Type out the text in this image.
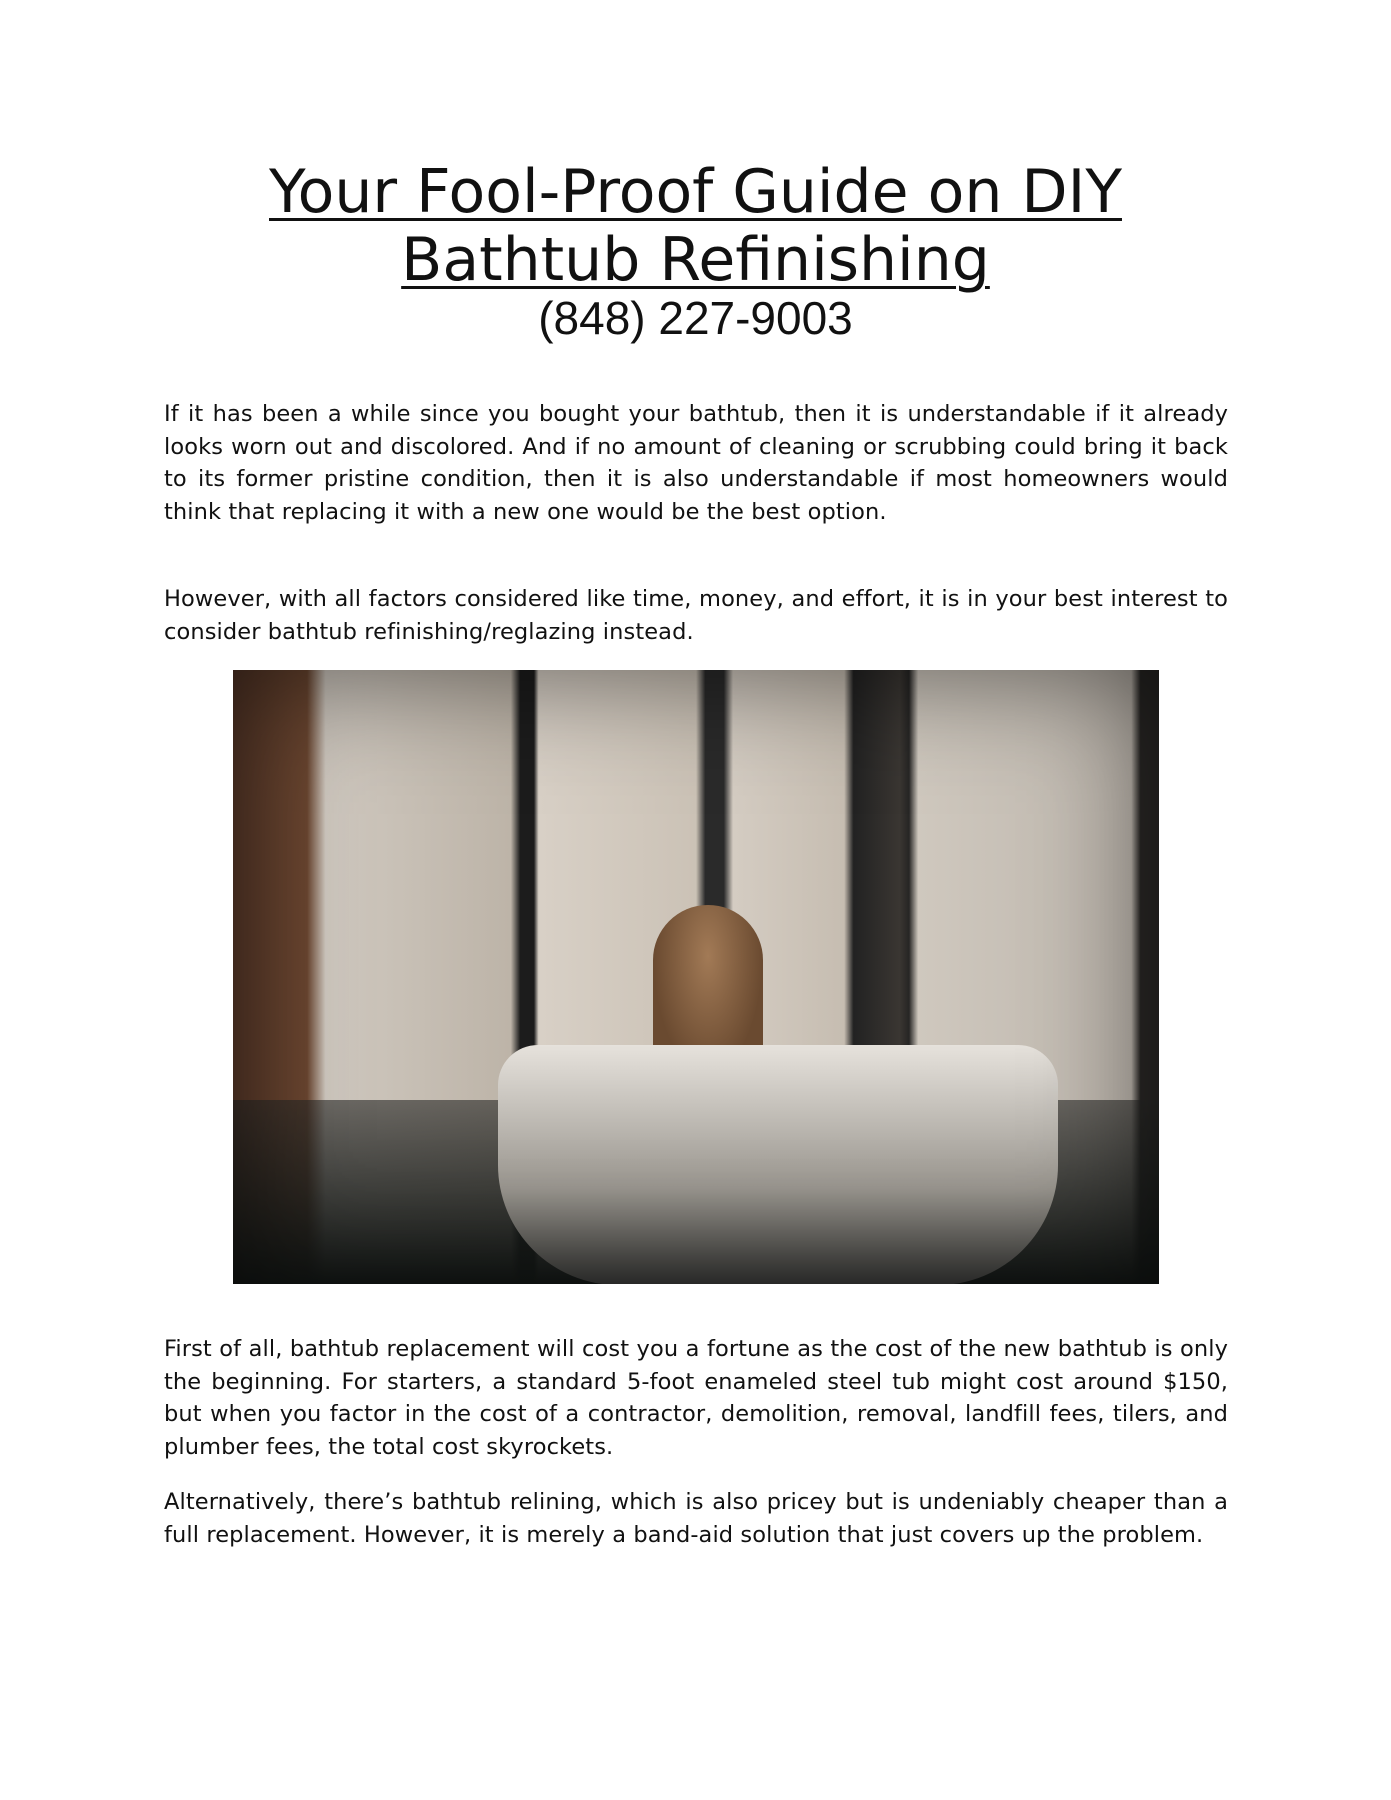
Your Fool-Proof Guide on DIY
Bathtub Refinishing
(848) 227-9003

If it has been a while since you bought your bathtub, then it is understandable if it already looks worn out and discolored. And if no amount of cleaning or scrubbing could bring it back to its former pristine condition, then it is also understandable if most homeowners would think that replacing it with a new one would be the best option.

However, with all factors considered like time, money, and effort, it is in your best interest to consider bathtub refinishing/reglazing instead.

First of all, bathtub replacement will cost you a fortune as the cost of the new bathtub is only the beginning. For starters, a standard 5-foot enameled steel tub might cost around $150, but when you factor in the cost of a contractor, demolition, removal, landfill fees, tilers, and plumber fees, the total cost skyrockets.

Alternatively, there’s bathtub relining, which is also pricey but is undeniably cheaper than a full replacement. However, it is merely a band-aid solution that just covers up the problem.
